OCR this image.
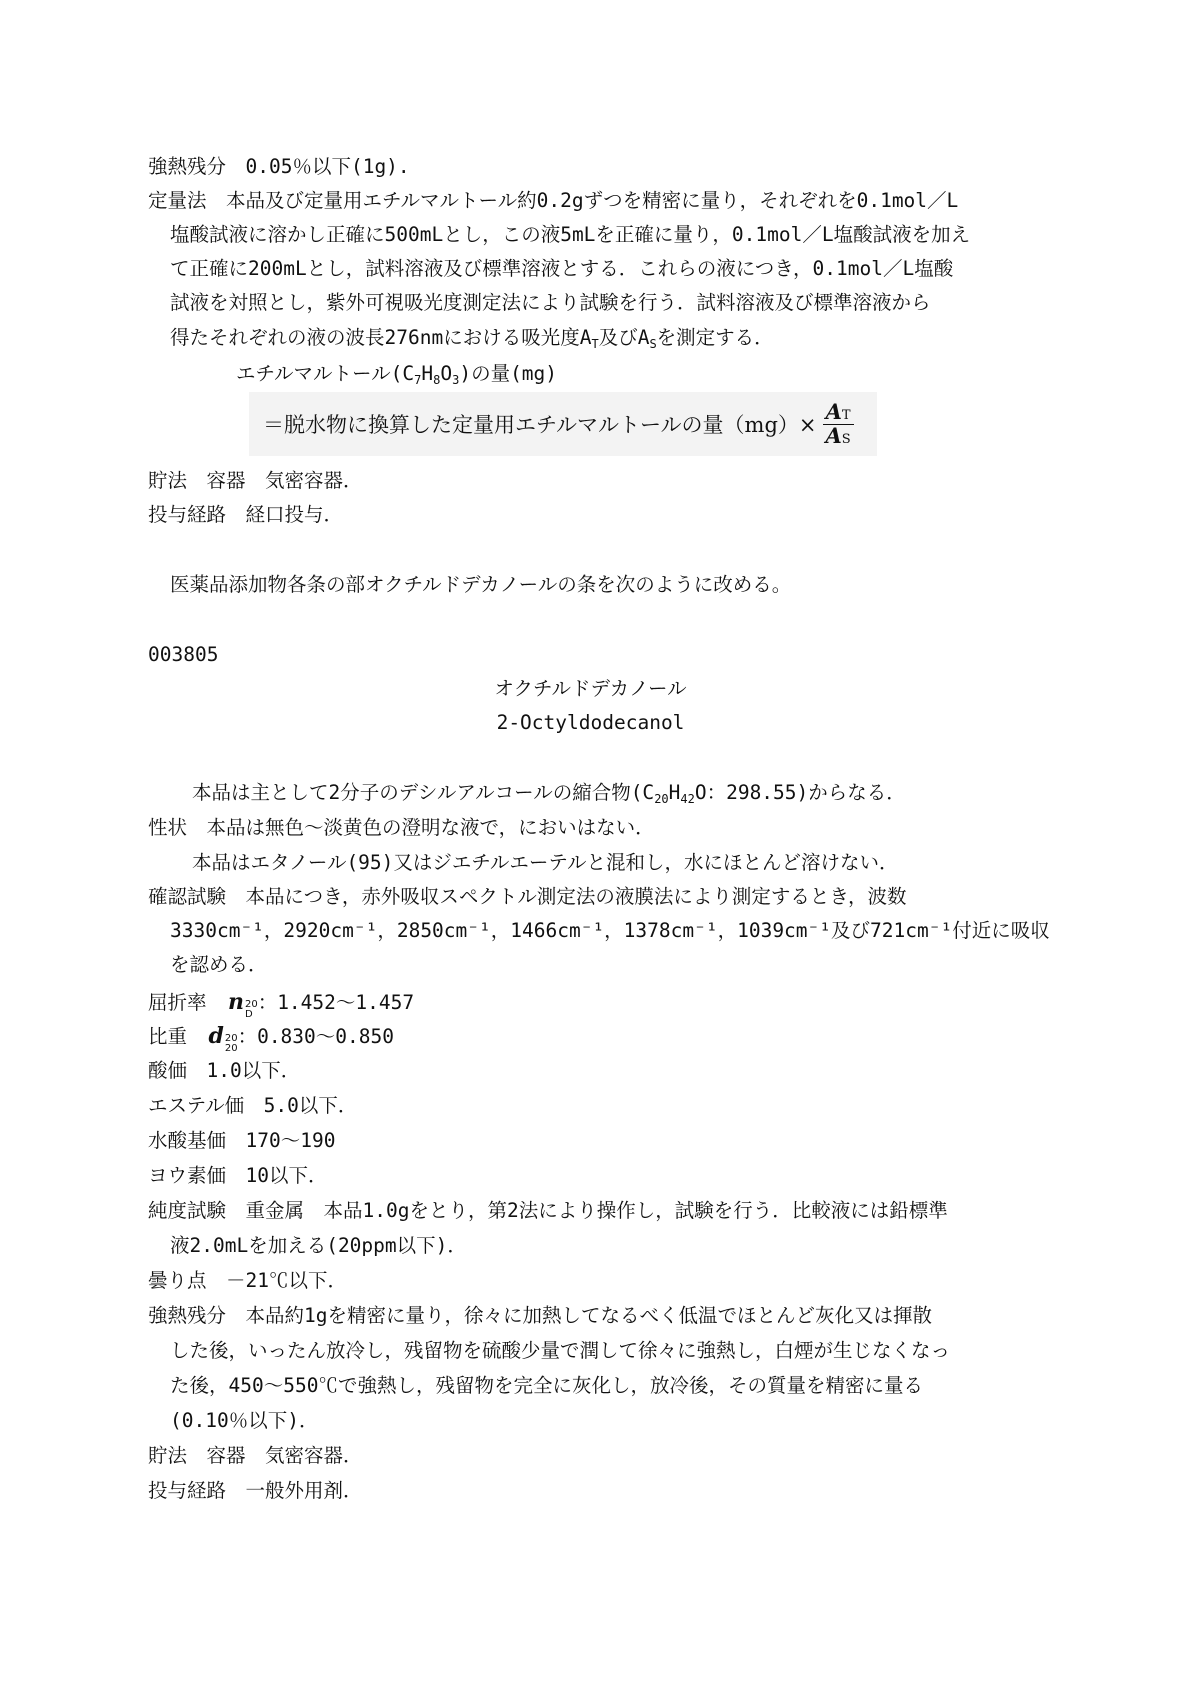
強熱残分　0.05％以下(1g).
定量法　本品及び定量用エチルマルトール約0.2gずつを精密に量り，それぞれを0.1mol／L
塩酸試液に溶かし正確に500mLとし，この液5mLを正確に量り，0.1mol／L塩酸試液を加え
て正確に200mLとし，試料溶液及び標準溶液とする．これらの液につき，0.1mol／L塩酸
試液を対照とし，紫外可視吸光度測定法により試験を行う．試料溶液及び標準溶液から
得たそれぞれの液の波長276nmにおける吸光度$A_T$及び$A_S$を測定する．
エチルマルトール$(C_7H_8O_3)$の量(mg)
＝脱水物に換算した定量用エチルマルトールの量$(mg)\times \frac{AT}{AS}$
貯法　容器　気密容器．
投与経路　経口投与．
医薬品添加物各条の部オクチルドデカノールの条を次のように改める。
003805
オクチルドデカノール
2-Octyldodecanol
本品は主として2分子のデシルアルコールの縮合物($C_{20}H_{42}O$：298.55)からなる．
性状　本品は無色～淡黄色の澄明な液で，においはない．
本品はエタノール(95)又はジエチルエーテルと混和し，水にほとんど溶けない．
確認試験　本品につき，赤外吸収スペクトル測定法の液膜法により測定するとき，波数
3330cm⁻¹，2920cm⁻¹，2850cm⁻¹，1466cm⁻¹，1378cm⁻¹，1039cm⁻¹及び721cm⁻¹付近に吸収
を認める．
屈折率 n 20
D
：1.452～1.457
比重 d 20
20
：0.830～0.850
酸価　1.0以下．
エステル価　5.0以下．
水酸基価　170～190
ヨウ素価　10以下．
純度試験　重金属　本品1.0gをとり，第2法により操作し，試験を行う．比較液には鉛標準
液2.0mLを加える(20ppm以下)．
曇り点　－21℃以下．
強熱残分　本品約1gを精密に量り，徐々に加熱してなるべく低温でほとんど灰化又は揮散
した後，いったん放冷し，残留物を硫酸少量で潤して徐々に強熱し，白煙が生じなくなっ
た後，450～550℃で強熱し，残留物を完全に灰化し，放冷後，その質量を精密に量る
(0.10％以下)．
貯法　容器　気密容器．
投与経路　一般外用剤．
